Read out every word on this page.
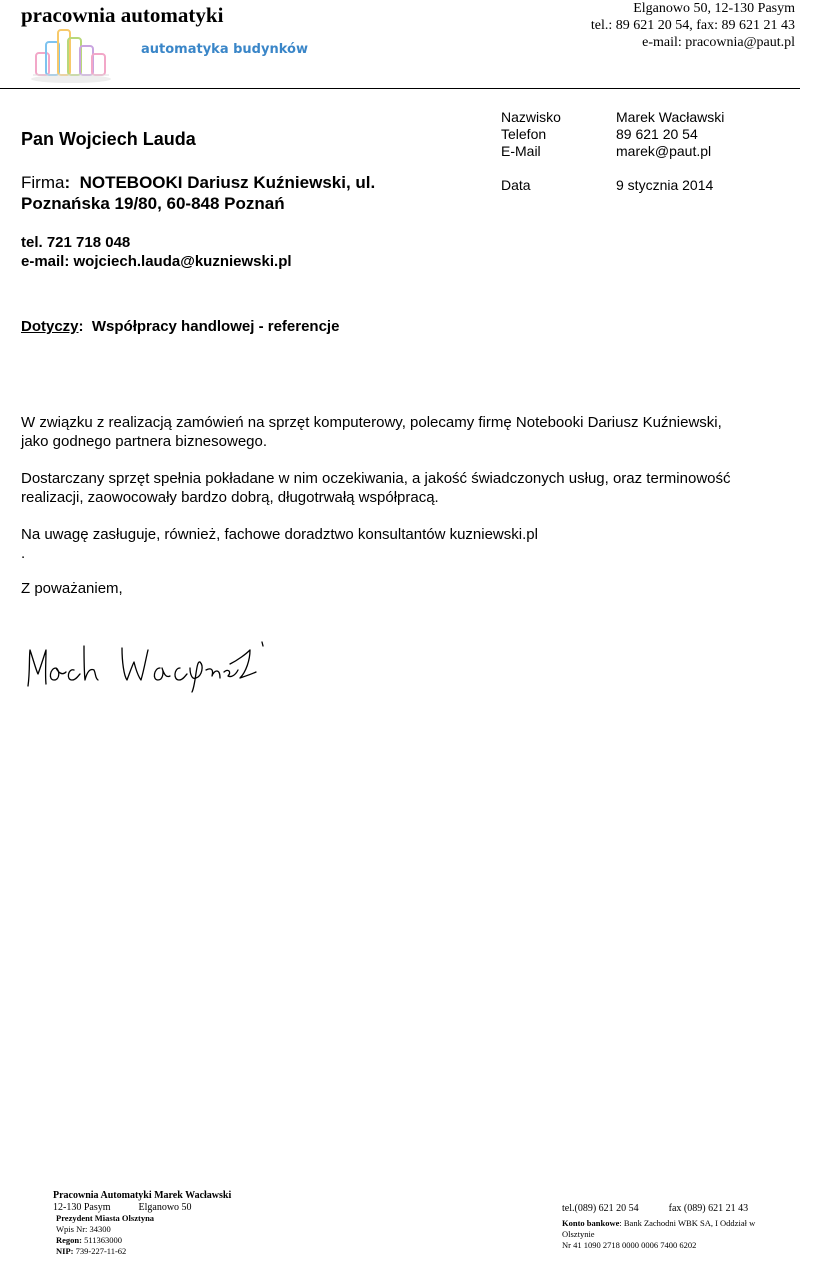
pracownia automatyki
automatyka budynków
Elganowo 50, 12-130 Pasym
tel.: 89 621 20 54, fax: 89 621 21 43
e-mail: pracownia@paut.pl
Pan Wojciech Lauda
Firma: NOTEBOOKI Dariusz Kuźniewski, ul.
Poznańska 19/80, 60-848 Poznań
tel. 721 718 048
e-mail: wojciech.lauda@kuzniewski.pl
Nazwisko	Marek Wacławski
Telefon	89 621 20 54
E-Mail	marek@paut.pl
Data	9 stycznia 2014
Dotyczy: Współpracy handlowej - referencje
W związku z realizacją zamówień na sprzęt komputerowy, polecamy firmę Notebooki Dariusz Kuźniewski,
jako godnego partnera biznesowego.
Dostarczany sprzęt spełnia pokładane w nim oczekiwania, a jakość świadczonych usług, oraz terminowość
realizacji, zaowocowały bardzo dobrą, długotrwałą współpracą.
Na uwagę zasługuje, również, fachowe doradztwo konsultantów kuzniewski.pl
.
Z poważaniem,
Pracownia Automatyki Marek Wacławski
12-130 Pasym	Elganowo 50
Prezydent Miasta Olsztyna
Wpis Nr: 34300
Regon: 511363000
NIP: 739-227-11-62
tel.(089) 621 20 54	fax (089) 621 21 43
Konto bankowe: Bank Zachodni WBK SA, I Oddział w
Olsztynie
Nr 41 1090 2718 0000 0006 7400 6202
